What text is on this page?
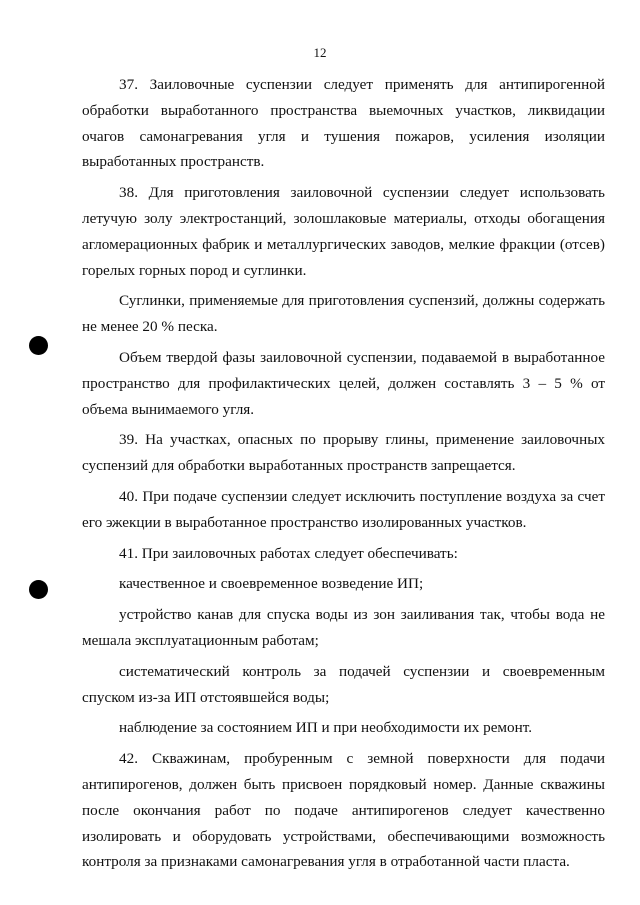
12

37. Заиловочные суспензии следует применять для антипирогенной обработки выработанного пространства выемочных участков, ликвидации очагов самонагревания угля и тушения пожаров, усиления изоляции выработанных пространств.

38. Для приготовления заиловочной суспензии следует использовать летучую золу электростанций, золошлаковые материалы, отходы обогащения агломерационных фабрик и металлургических заводов, мелкие фракции (отсев) горелых горных пород и суглинки.

Суглинки, применяемые для приготовления суспензий, должны содержать не менее 20 % песка.

Объем твердой фазы заиловочной суспензии, подаваемой в выработанное пространство для профилактических целей, должен составлять 3 – 5 % от объема вынимаемого угля.

39. На участках, опасных по прорыву глины, применение заиловочных суспензий для обработки выработанных пространств запрещается.

40. При подаче суспензии следует исключить поступление воздуха за счет его эжекции в выработанное пространство изолированных участков.

41. При заиловочных работах следует обеспечивать:

качественное и своевременное возведение ИП;

устройство канав для спуска воды из зон заиливания так, чтобы вода не мешала эксплуатационным работам;

систематический контроль за подачей суспензии и своевременным спуском из-за ИП отстоявшейся воды;

наблюдение за состоянием ИП и при необходимости их ремонт.

42. Скважинам, пробуренным с земной поверхности для подачи антипирогенов, должен быть присвоен порядковый номер. Данные скважины после окончания работ по подаче антипирогенов следует качественно изолировать и оборудовать устройствами, обеспечивающими возможность контроля за признаками самонагревания угля в отработанной части пласта.
